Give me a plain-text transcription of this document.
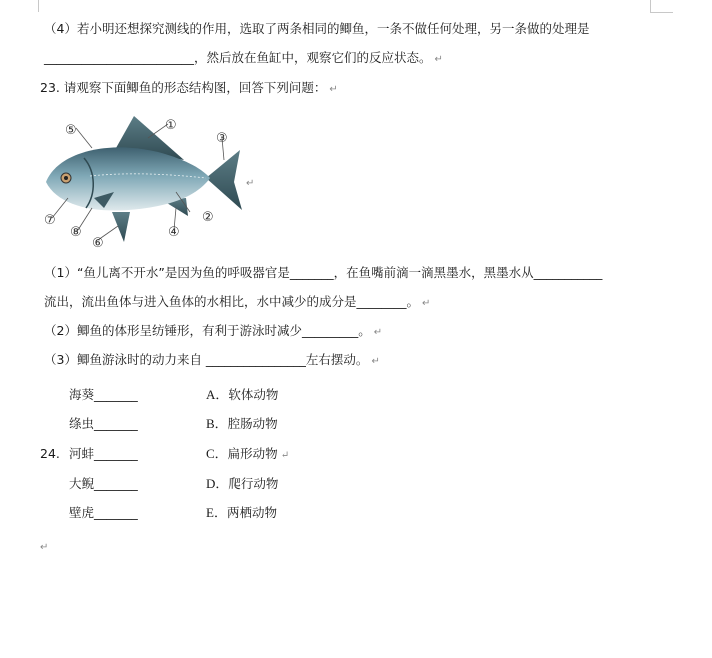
（4）若小明还想探究测线的作用，选取了两条相同的鲫鱼，一条不做任何处理，另一条做的处理是
________________________，然后放在鱼缸中，观察它们的反应状态。 ↵
23. 请观察下面鲫鱼的形态结构图，回答下列问题： ↵
①
②
③
④
⑤
⑥
⑦
⑧
↵
（1）“鱼儿离不开水”是因为鱼的呼吸器官是_______，在鱼嘴前滴一滴黑墨水，黑墨水从___________
流出，流出鱼体与进入鱼体的水相比，水中减少的成分是________。 ↵
（2）鲫鱼的体形呈纺锤形，有利于游泳时减少_________。 ↵
（3）鲫鱼游泳时的动力来自 ________________左右摆动。 ↵
海葵_______	A．软体动物
绦虫_______	B．腔肠动物
24. 河蚌_______	C．扁形动物 ↵
大鲵_______	D．爬行动物
壁虎_______	E．两栖动物
↵
